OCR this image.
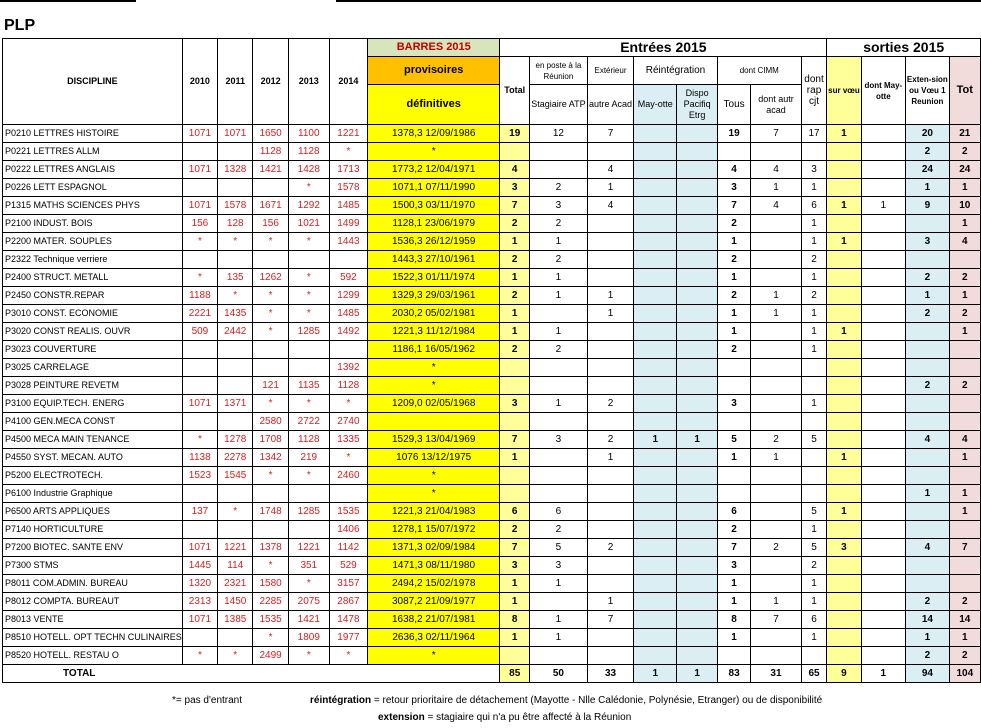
PLP
DISCIPLINE	2010	2011	2012	2013	2014	BARRES 2015	Entrées 2015								sorties 2015			
						provisoires	Total	en poste à la Réunion	Extérieur	Réintégration		dont CIMM		dont rap cjt	sur vœu	dont May-otte	Exten-sion ou Vœu 1 Reunion	Tot
						définitives		Stagiaire ATP	autre Acad	May-otte	Dispo Pacifiq Etrg	Tous	dont autr acad					
P0210 LETTRES HISTOIRE	1071	1071	1650	1100	1221	1378,3 12/09/1986	19	12	7			19	7	17	1		20	21
P0221 LETTRES ALLM			1128	1128	*	*											2	2
P0222 LETTRES ANGLAIS	1071	1328	1421	1428	1713	1773,2 12/04/1971	4		4			4	4	3			24	24
P0226 LETT ESPAGNOL				*	1578	1071,1 07/11/1990	3	2	1			3	1	1			1	1
P1315 MATHS SCIENCES PHYS	1071	1578	1671	1292	1485	1500,3 03/11/1970	7	3	4			7	4	6	1	1	9	10
P2100 INDUST. BOIS	156	128	156	1021	1499	1128,1 23/06/1979	2	2				2		1				1
P2200 MATER. SOUPLES	*	*	*	*	1443	1536,3 26/12/1959	1	1				1		1	1		3	4
P2322 Technique verriere						1443,3 27/10/1961	2	2				2		2				
P2400 STRUCT. METALL	*	135	1262	*	592	1522,3 01/11/1974	1	1				1		1			2	2
P2450 CONSTR.REPAR	1188	*	*	*	1299	1329,3 29/03/1961	2	1	1			2	1	2			1	1
P3010 CONST. ECONOMIE	2221	1435	*	*	1485	2030,2 05/02/1981	1		1			1	1	1			2	2
P3020 CONST REALIS. OUVR	509	2442	*	1285	1492	1221,3 11/12/1984	1	1				1		1	1			1
P3023 COUVERTURE						1186,1 16/05/1962	2	2				2		1				
P3025 CARRELAGE					1392	*												
P3028 PEINTURE REVETM			121	1135	1128	*											2	2
P3100 EQUIP.TECH. ENERG	1071	1371	*	*	*	1209,0 02/05/1968	3	1	2			3		1				
P4100 GEN.MECA CONST			2580	2722	2740													
P4500 MECA MAIN TENANCE	*	1278	1708	1128	1335	1529,3 13/04/1969	7	3	2	1	1	5	2	5			4	4
P4550 SYST. MECAN. AUTO	1138	2278	1342	219	*	1076 13/12/1975	1		1			1	1		1			1
P5200 ELECTROTECH.	1523	1545	*	*	2460	*												
P6100 Industrie Graphique						*											1	1
P6500 ARTS APPLIQUES	137	*	1748	1285	1535	1221,3 21/04/1983	6	6				6		5	1			1
P7140 HORTICULTURE					1406	1278,1 15/07/1972	2	2				2		1				
P7200 BIOTEC. SANTE ENV	1071	1221	1378	1221	1142	1371,3 02/09/1984	7	5	2			7	2	5	3		4	7
P7300 STMS	1445	114	*	351	529	1471,3 08/11/1980	3	3				3		2				
P8011 COM.ADMIN. BUREAU	1320	2321	1580	*	3157	2494,2 15/02/1978	1	1				1		1				
P8012 COMPTA. BUREAUT	2313	1450	2285	2075	2867	3087,2 21/09/1977	1		1			1	1	1			2	2
P8013 VENTE	1071	1385	1535	1421	1478	1638,2 21/07/1981	8	1	7			8	7	6			14	14
P8510 HOTELL. OPT TECHN CULINAIRES			*	1809	1977	2636,3 02/11/1964	1	1				1		1			1	1
P8520 HOTELL. RESTAU O	*	*	2499	*	*	*											2	2
TOTAL							85	50	33	1	1	83	31	65	9	1	94	104
*= pas d'entrant	réintégration = retour prioritaire de détachement (Mayotte - Nlle Calédonie, Polynésie, Etranger) ou de disponibilité
extension = stagiaire qui n'a pu être affecté à la Réunion
